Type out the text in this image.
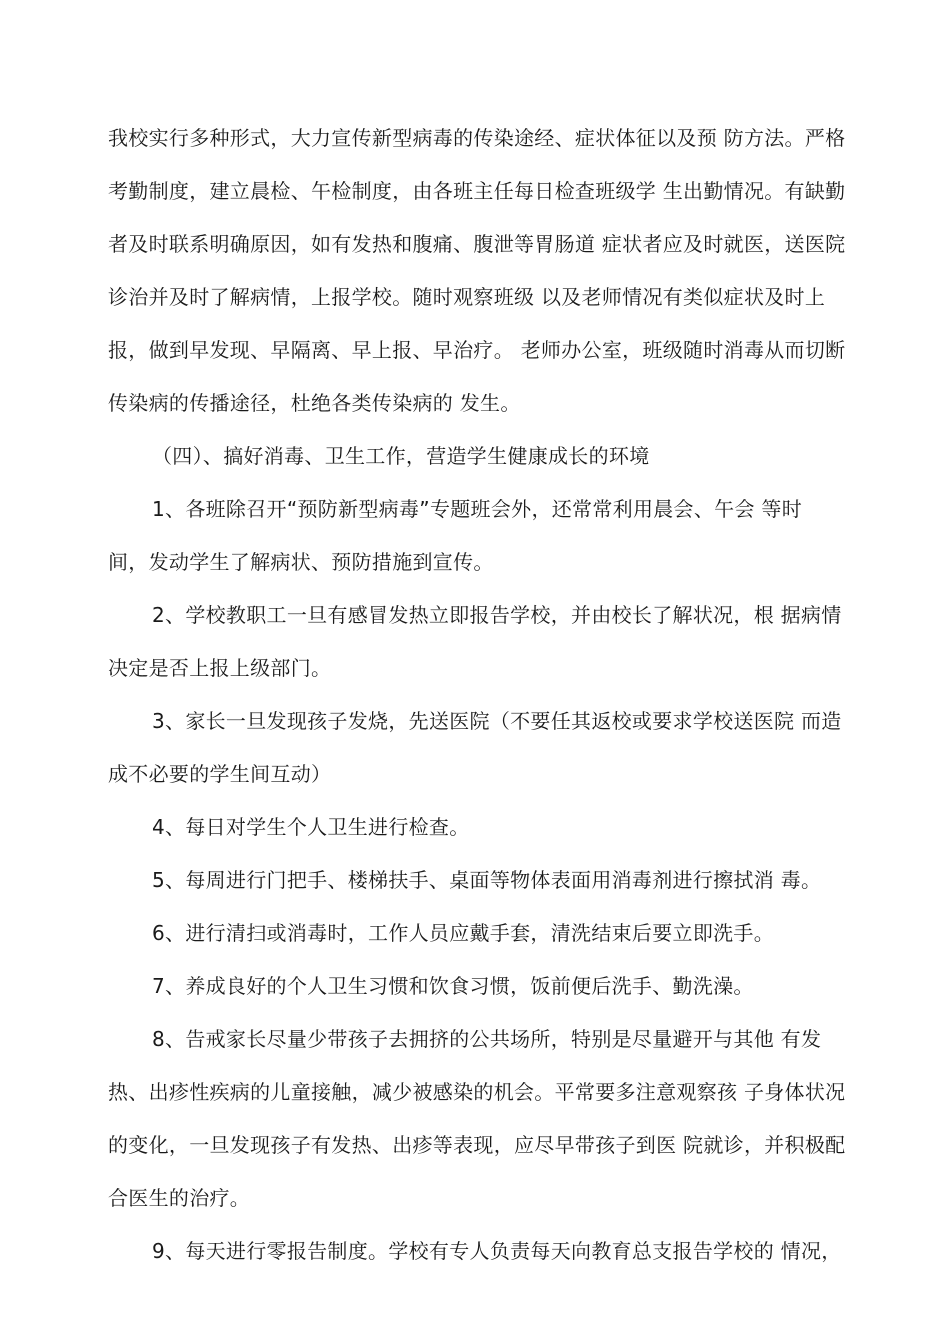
我校实行多种形式，大力宣传新型病毒的传染途经、症状体征以及预 防方法。严格
考勤制度，建立晨检、午检制度，由各班主任每日检查班级学 生出勤情况。有缺勤
者及时联系明确原因，如有发热和腹痛、腹泄等胃肠道 症状者应及时就医，送医院
诊治并及时了解病情，上报学校。随时观察班级 以及老师情况有类似症状及时上
报，做到早发现、早隔离、早上报、早治疗。 老师办公室，班级随时消毒从而切断
传染病的传播途径，杜绝各类传染病的 发生。
（四）、搞好消毒、卫生工作，营造学生健康成长的环境
1、各班除召开“预防新型病毒”专题班会外，还常常利用晨会、午会 等时
间，发动学生了解病状、预防措施到宣传。
2、学校教职工一旦有感冒发热立即报告学校，并由校长了解状况，根 据病情
决定是否上报上级部门。
3、家长一旦发现孩子发烧，先送医院（不要任其返校或要求学校送医院 而造
成不必要的学生间互动）
4、每日对学生个人卫生进行检查。
5、每周进行门把手、楼梯扶手、桌面等物体表面用消毒剂进行擦拭消 毒。
6、进行清扫或消毒时，工作人员应戴手套，清洗结束后要立即洗手。
7、养成良好的个人卫生习惯和饮食习惯，饭前便后洗手、勤洗澡。
8、告戒家长尽量少带孩子去拥挤的公共场所，特别是尽量避开与其他 有发
热、出疹性疾病的儿童接触，减少被感染的机会。平常要多注意观察孩 子身体状况
的变化，一旦发现孩子有发热、出疹等表现，应尽早带孩子到医 院就诊，并积极配
合医生的治疗。
9、每天进行零报告制度。学校有专人负责每天向教育总支报告学校的 情况，
